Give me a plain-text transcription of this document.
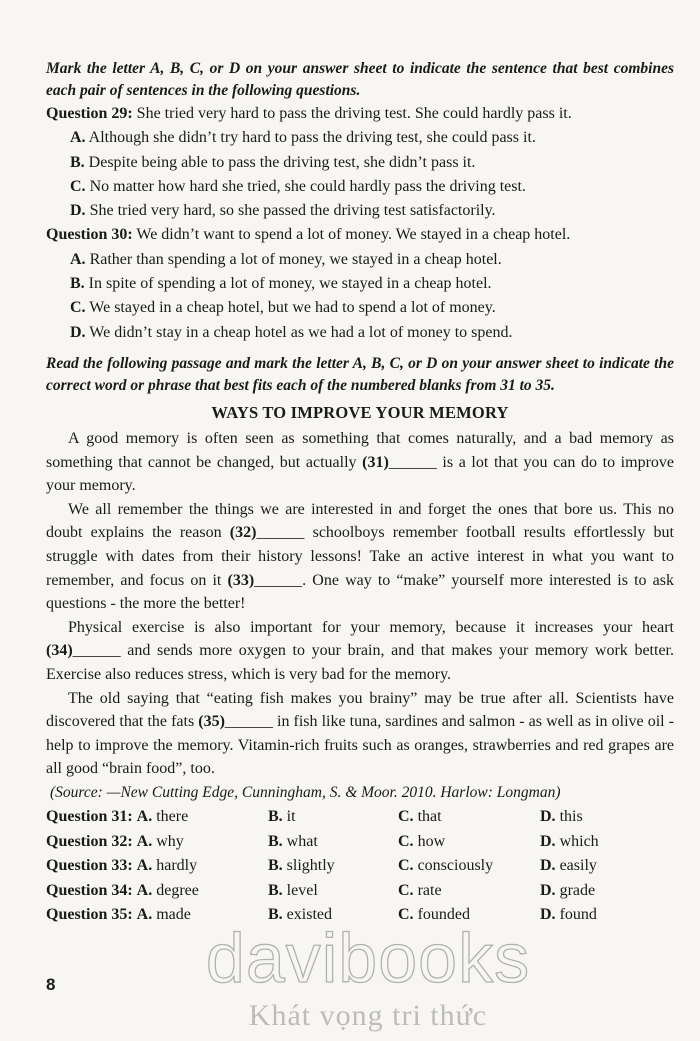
Mark the letter A, B, C, or D on your answer sheet to indicate the sentence that best combines each pair of sentences in the following questions.

Question 29: She tried very hard to pass the driving test. She could hardly pass it.

A. Although she didn’t try hard to pass the driving test, she could pass it.

B. Despite being able to pass the driving test, she didn’t pass it.

C. No matter how hard she tried, she could hardly pass the driving test.

D. She tried very hard, so she passed the driving test satisfactorily.

Question 30: We didn’t want to spend a lot of money. We stayed in a cheap hotel.

A. Rather than spending a lot of money, we stayed in a cheap hotel.

B. In spite of spending a lot of money, we stayed in a cheap hotel.

C. We stayed in a cheap hotel, but we had to spend a lot of money.

D. We didn’t stay in a cheap hotel as we had a lot of money to spend.

Read the following passage and mark the letter A, B, C, or D on your answer sheet to indicate the correct word or phrase that best fits each of the numbered blanks from 31 to 35.

WAYS TO IMPROVE YOUR MEMORY

A good memory is often seen as something that comes naturally, and a bad memory as something that cannot be changed, but actually (31)______ is a lot that you can do to improve your memory.

We all remember the things we are interested in and forget the ones that bore us. This no doubt explains the reason (32)______ schoolboys remember football results effortlessly but struggle with dates from their history lessons! Take an active interest in what you want to remember, and focus on it (33)______. One way to “make” yourself more interested is to ask questions - the more the better!

Physical exercise is also important for your memory, because it increases your heart (34)______ and sends more oxygen to your brain, and that makes your memory work better. Exercise also reduces stress, which is very bad for the memory.

The old saying that “eating fish makes you brainy” may be true after all. Scientists have discovered that the fats (35)______ in fish like tuna, sardines and salmon - as well as in olive oil - help to improve the memory. Vitamin-rich fruits such as oranges, strawberries and red grapes are all good “brain food”, too.

(Source: —New Cutting Edge, Cunningham, S. & Moor. 2010. Harlow: Longman)

Question 31: A. there	B. it	C. that	D. this
Question 32: A. why	B. what	C. how	D. which
Question 33: A. hardly	B. slightly	C. consciously	D. easily
Question 34: A. degree	B. level	C. rate	D. grade
Question 35: A. made	B. existed	C. founded	D. found
8	davibooks
Khát vọng tri thức
